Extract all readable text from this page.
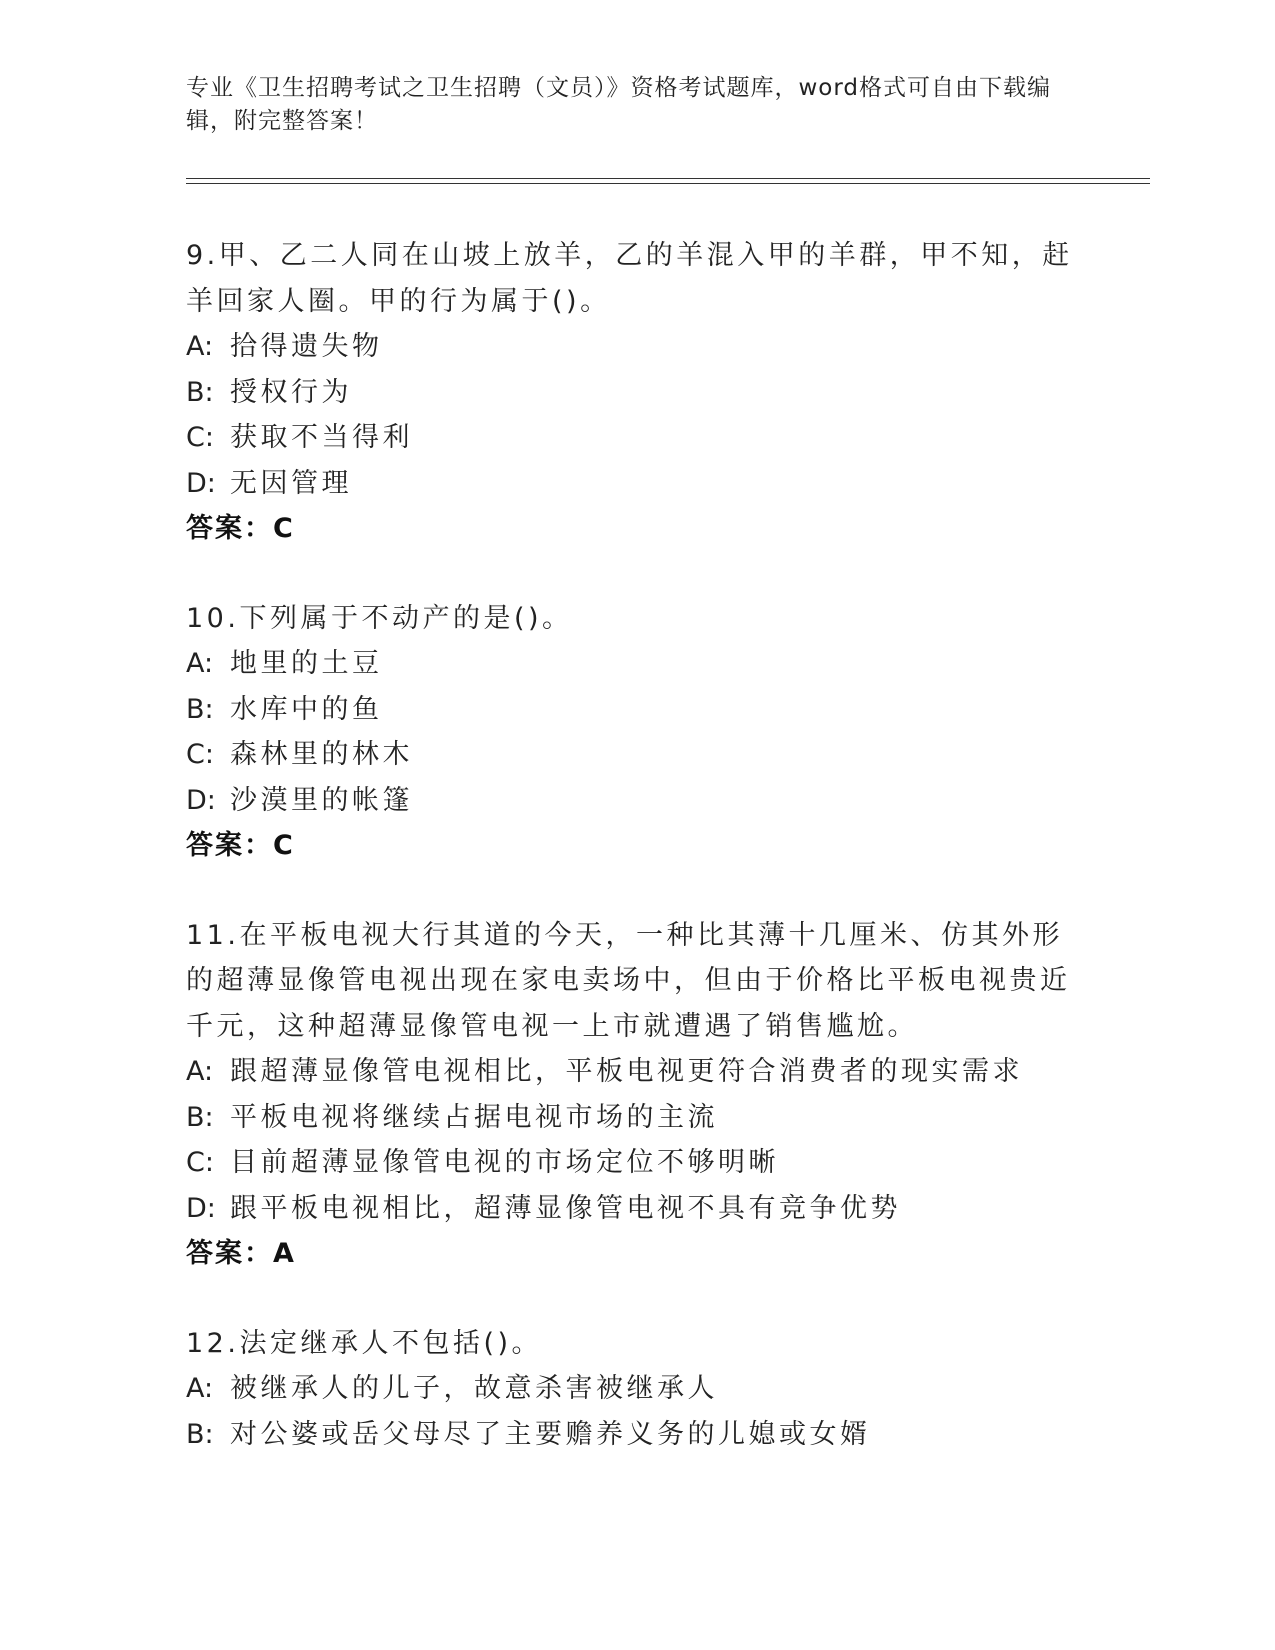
专业《卫生招聘考试之卫生招聘（文员）》资格考试题库，word格式可自由下载编辑，附完整答案！
9.甲、乙二人同在山坡上放羊，乙的羊混入甲的羊群，甲不知，赶羊回家人圈。甲的行为属于()。
A: 拾得遗失物
B: 授权行为
C: 获取不当得利
D: 无因管理
答案：C
10.下列属于不动产的是()。
A: 地里的土豆
B: 水库中的鱼
C: 森林里的林木
D: 沙漠里的帐篷
答案：C
11.在平板电视大行其道的今天，一种比其薄十几厘米、仿其外形的超薄显像管电视出现在家电卖场中，但由于价格比平板电视贵近千元，这种超薄显像管电视一上市就遭遇了销售尴尬。
A: 跟超薄显像管电视相比，平板电视更符合消费者的现实需求
B: 平板电视将继续占据电视市场的主流
C: 目前超薄显像管电视的市场定位不够明晰
D: 跟平板电视相比，超薄显像管电视不具有竞争优势
答案：A
12.法定继承人不包括()。
A: 被继承人的儿子，故意杀害被继承人
B: 对公婆或岳父母尽了主要赡养义务的儿媳或女婿
